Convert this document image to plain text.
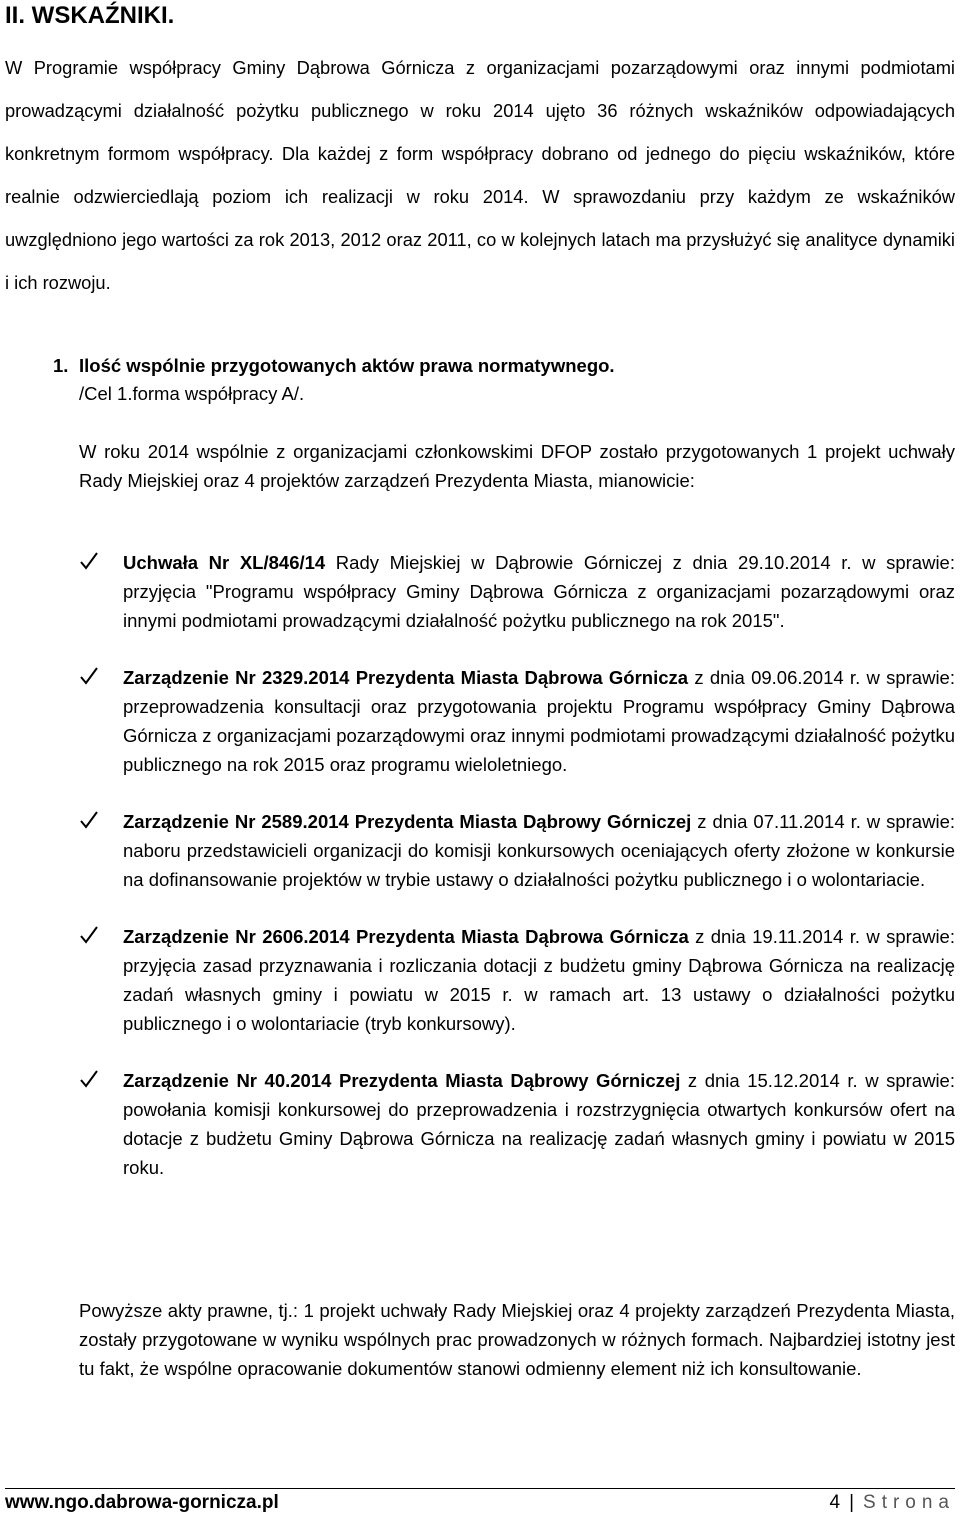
II. WSKAŹNIKI.

W Programie współpracy Gminy Dąbrowa Górnicza z organizacjami pozarządowymi oraz innymi podmiotami prowadzącymi działalność pożytku publicznego w roku 2014 ujęto 36 różnych wskaźników odpowiadających konkretnym formom współpracy. Dla każdej z form współpracy dobrano od jednego do pięciu wskaźników, które realnie odzwierciedlają poziom ich realizacji w roku 2014. W sprawozdaniu przy każdym ze wskaźników uwzględniono jego wartości za rok 2013, 2012 oraz 2011, co w kolejnych latach ma przysłużyć się analityce dynamiki i ich rozwoju.

1. Ilość wspólnie przygotowanych aktów prawa normatywnego.

/Cel 1.forma współpracy A/.

W roku 2014 wspólnie z organizacjami członkowskimi DFOP zostało przygotowanych 1 projekt uchwały Rady Miejskiej oraz 4 projektów zarządzeń Prezydenta Miasta, mianowicie:

Uchwała Nr XL/846/14 Rady Miejskiej w Dąbrowie Górniczej z dnia 29.10.2014 r. w sprawie: przyjęcia "Programu współpracy Gminy Dąbrowa Górnicza z organizacjami pozarządowymi oraz innymi podmiotami prowadzącymi działalność pożytku publicznego na rok 2015".
Zarządzenie Nr 2329.2014 Prezydenta Miasta Dąbrowa Górnicza z dnia 09.06.2014 r. w sprawie: przeprowadzenia konsultacji oraz przygotowania projektu Programu współpracy Gminy Dąbrowa Górnicza z organizacjami pozarządowymi oraz innymi podmiotami prowadzącymi działalność pożytku publicznego na rok 2015 oraz programu wieloletniego.
Zarządzenie Nr 2589.2014 Prezydenta Miasta Dąbrowy Górniczej z dnia 07.11.2014 r. w sprawie: naboru przedstawicieli organizacji do komisji konkursowych oceniających oferty złożone w konkursie na dofinansowanie projektów w trybie ustawy o działalności pożytku publicznego i o wolontariacie.
Zarządzenie Nr 2606.2014 Prezydenta Miasta Dąbrowa Górnicza z dnia 19.11.2014 r. w sprawie: przyjęcia zasad przyznawania i rozliczania dotacji z budżetu gminy Dąbrowa Górnicza na realizację zadań własnych gminy i powiatu w 2015 r. w ramach art. 13 ustawy o działalności pożytku publicznego i o wolontariacie (tryb konkursowy).
Zarządzenie Nr 40.2014 Prezydenta Miasta Dąbrowy Górniczej z dnia 15.12.2014 r. w sprawie: powołania komisji konkursowej do przeprowadzenia i rozstrzygnięcia otwartych konkursów ofert na dotacje z budżetu Gminy Dąbrowa Górnicza na realizację zadań własnych gminy i powiatu w 2015 roku.

Powyższe akty prawne, tj.: 1 projekt uchwały Rady Miejskiej oraz 4 projekty zarządzeń Prezydenta Miasta, zostały przygotowane w wyniku wspólnych prac prowadzonych w różnych formach. Najbardziej istotny jest tu fakt, że wspólne opracowanie dokumentów stanowi odmienny element niż ich konsultowanie.

www.ngo.dabrowa-gornicza.pl	4 | Strona
